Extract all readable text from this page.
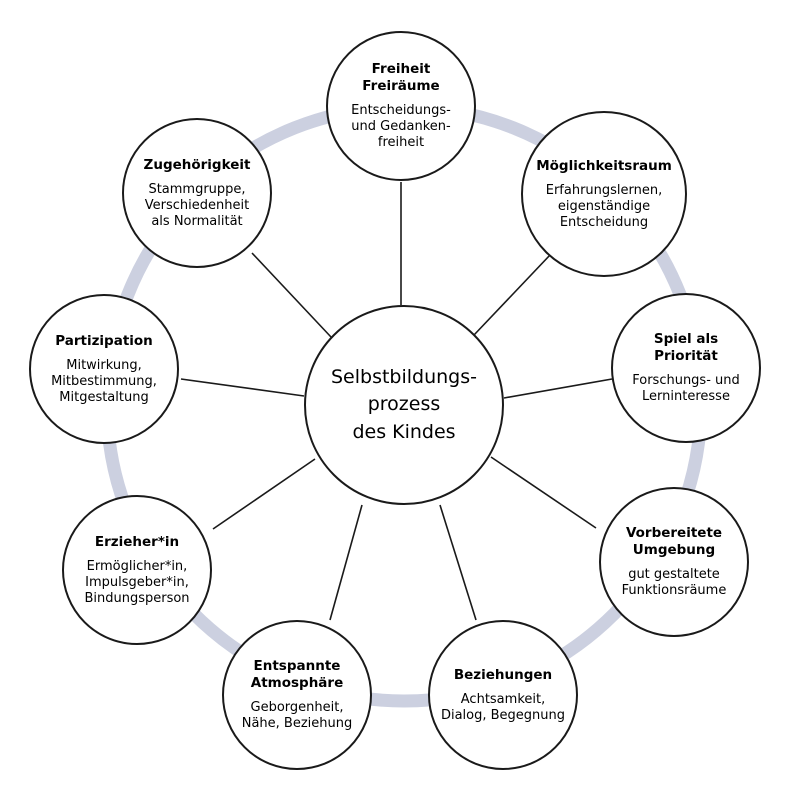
Selbstbildungs-
prozess
des Kindes
Freiheit
Freiräume
Entscheidungs-
und Gedanken-
freiheit
Möglichkeitsraum
Erfahrungslernen,
eigenständige
Entscheidung
Spiel als
Priorität
Forschungs- und
Lerninteresse
Vorbereitete
Umgebung
gut gestaltete
Funktionsräume
Beziehungen
Achtsamkeit,
Dialog, Begegnung
Entspannte
Atmosphäre
Geborgenheit,
Nähe, Beziehung
Erzieher*in
Ermöglicher*in,
Impulsgeber*in,
Bindungsperson
Partizipation
Mitwirkung,
Mitbestimmung,
Mitgestaltung
Zugehörigkeit
Stammgruppe,
Verschiedenheit
als Normalität
